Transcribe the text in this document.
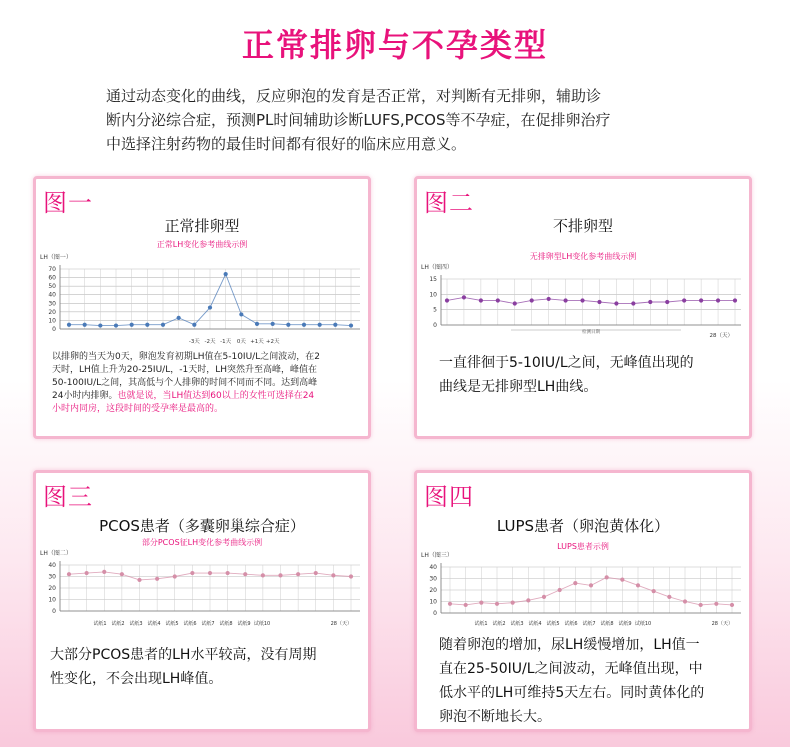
正常排卵与不孕类型
通过动态变化的曲线，反应卵泡的发育是否正常，对判断有无排卵，辅助诊
断内分泌综合症，预测PL时间辅助诊断LUFS,PCOS等不孕症，在促排卵治疗
中选择注射药物的最佳时间都有很好的临床应用意义。
图一
正常排卵型
正常LH变化参考曲线示例
LH（图一）
0
10
20
30
40
50
60
70
-3天 -2天 -1天 0天 +1天 +2天
以排卵的当天为0天，卵泡发育初期LH值在5-10IU/L之间波动，在2
天时，LH值上升为20-25IU/L，-1天时，LH突然升至高峰，峰值在
50-100IU/L之间，其高低与个人排卵的时间不同而不同。达到高峰
24小时内排卵。也就是说，当LH值达到60以上的女性可选择在24
小时内同房，这段时间的受孕率是最高的。
图二
不排卵型
无排卵型LH变化参考曲线示例
LH（图四）
0
5
10
15
28（天）
检测日期
一直徘徊于5-10IU/L之间，无峰值出现的
曲线是无排卵型LH曲线。
图三
PCOS患者（多囊卵巢综合症）
部分PCOS征LH变化参考曲线示例
LH（图二）
0
10
20
30
40
试纸1 试纸2 试纸3 试纸4 试纸5 试纸6 试纸7 试纸8 试纸9 试纸10	28（天）
大部分PCOS患者的LH水平较高，没有周期
性变化，不会出现LH峰值。
图四
LUPS患者（卵泡黄体化）
LUPS患者示例
LH（图三）
0
10
20
30
40
试纸1 试纸2 试纸3 试纸4 试纸5 试纸6 试纸7 试纸8 试纸9 试纸10	28（天）
随着卵泡的增加，尿LH缓慢增加，LH值一
直在25-50IU/L之间波动，无峰值出现，中
低水平的LH可维持5天左右。同时黄体化的
卵泡不断地长大。
